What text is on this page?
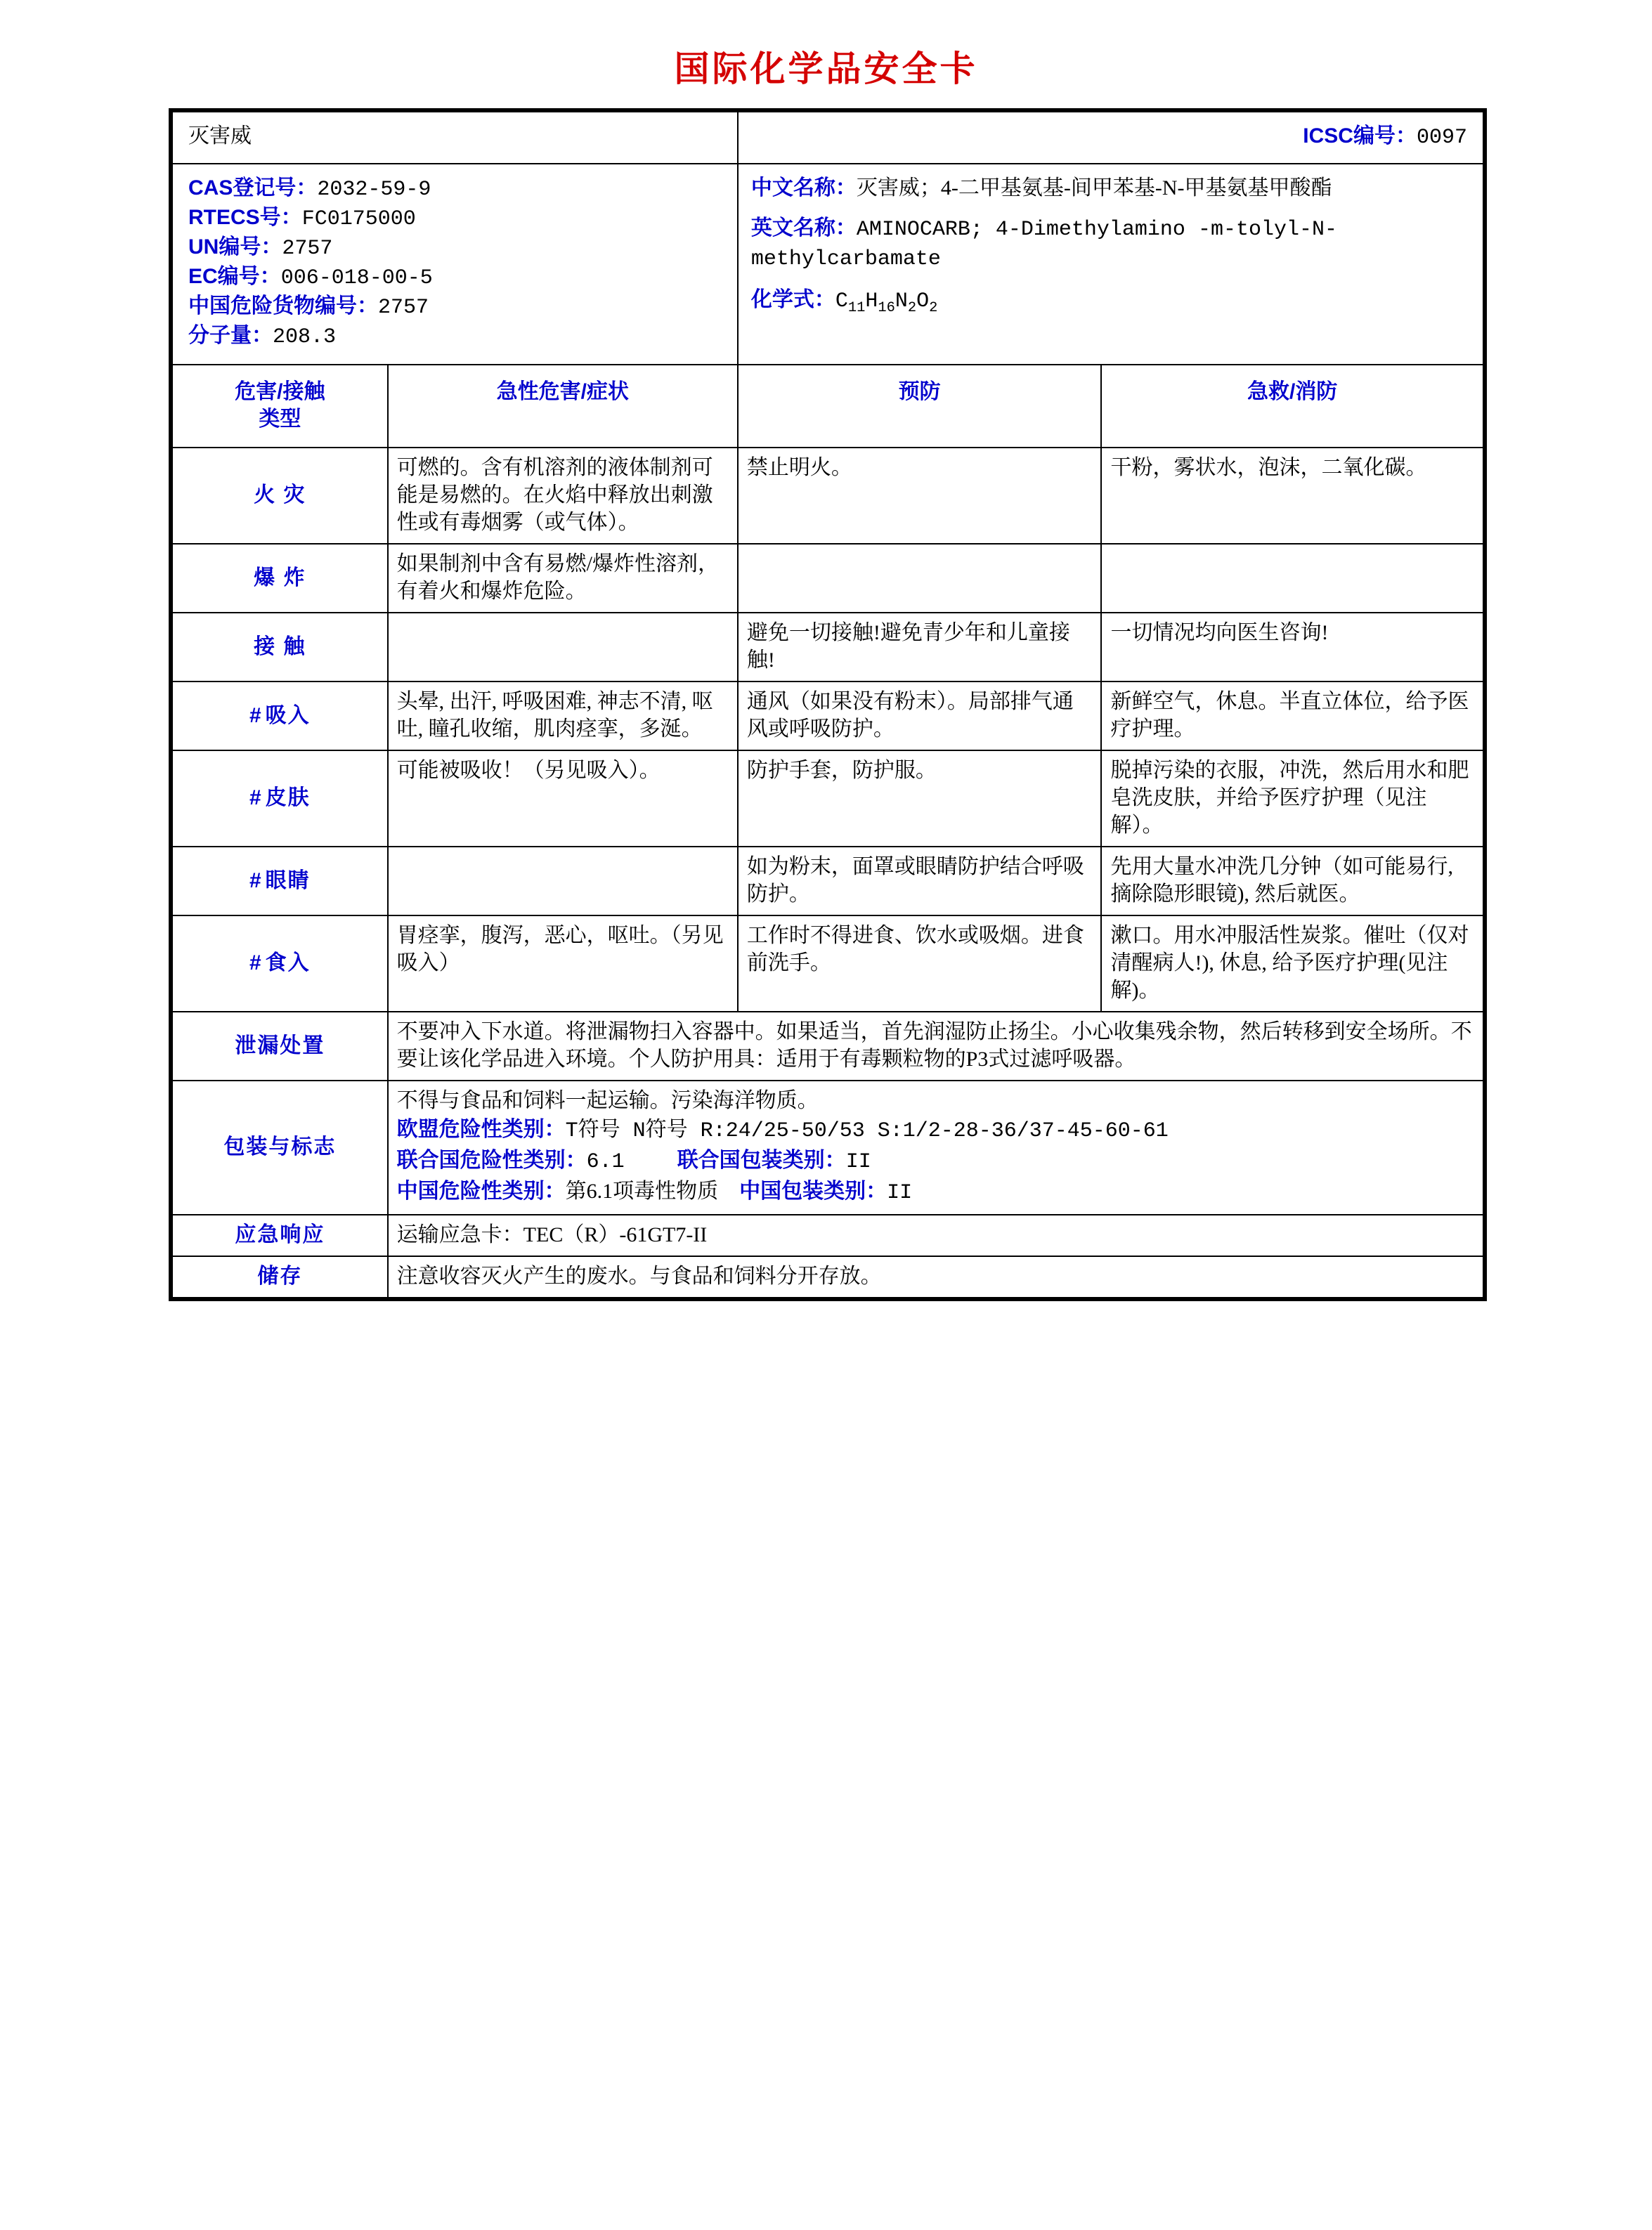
国际化学品安全卡
灭害威		ICSC编号：0097	

CAS登记号：2032-59-9
RTECS号：FC0175000
UN编号：2757
EC编号：006-018-00-5
中国危险货物编号：2757
分子量：208.3

中文名称：灭害威；4-二甲基氨基-间甲苯基-N-甲基氨基甲酸酯
英文名称：AMINOCARB; 4-Dimethylamino -m-tolyl-N-methylcarbamate
化学式：$C_{11}H_{16}N_2O_2$

危害/接触
类型	急性危害/症状	预防	急救/消防
火 灾	可燃的。含有机溶剂的液体制剂可能是易燃的。在火焰中释放出刺激性或有毒烟雾（或气体）。	禁止明火。	干粉，雾状水，泡沫，二氧化碳。
爆 炸	如果制剂中含有易燃/爆炸性溶剂，有着火和爆炸危险。		
接 触		避免一切接触!避免青少年和儿童接触!	一切情况均向医生咨询!
# 吸入	头晕, 出汗, 呼吸困难, 神志不清, 呕吐, 瞳孔收缩，肌肉痉挛，多涎。	通风（如果没有粉末）。局部排气通风或呼吸防护。	新鲜空气，休息。半直立体位，给予医疗护理。
# 皮肤	可能被吸收！（另见吸入）。	防护手套，防护服。	脱掉污染的衣服，冲洗，然后用水和肥皂洗皮肤，并给予医疗护理（见注解）。
# 眼睛		如为粉末，面罩或眼睛防护结合呼吸防护。	先用大量水冲洗几分钟（如可能易行, 摘除隐形眼镜), 然后就医。
# 食入	胃痉挛，腹泻，恶心，呕吐。（另见吸入）	工作时不得进食、饮水或吸烟。进食前洗手。	漱口。用水冲服活性炭浆。催吐（仅对清醒病人!), 休息, 给予医疗护理(见注解)。
泄漏处置	不要冲入下水道。将泄漏物扫入容器中。如果适当，首先润湿防止扬尘。小心收集残余物，然后转移到安全场所。不要让该化学品进入环境。个人防护用具：适用于有毒颗粒物的P3式过滤呼吸器。		
包装与标志	不得与食品和饲料一起运输。污染海洋物质。
欧盟危险性类别：T符号 N符号 R:24/25-50/53 S:1/2-28-36/37-45-60-61
联合国危险性类别：6.1 联合国包装类别：II
中国危险性类别：第6.1项毒性物质 中国包装类别：II		

应急响应	运输应急卡：TEC（R）-61GT7-II		
储存	注意收容灭火产生的废水。与食品和饲料分开存放。		
